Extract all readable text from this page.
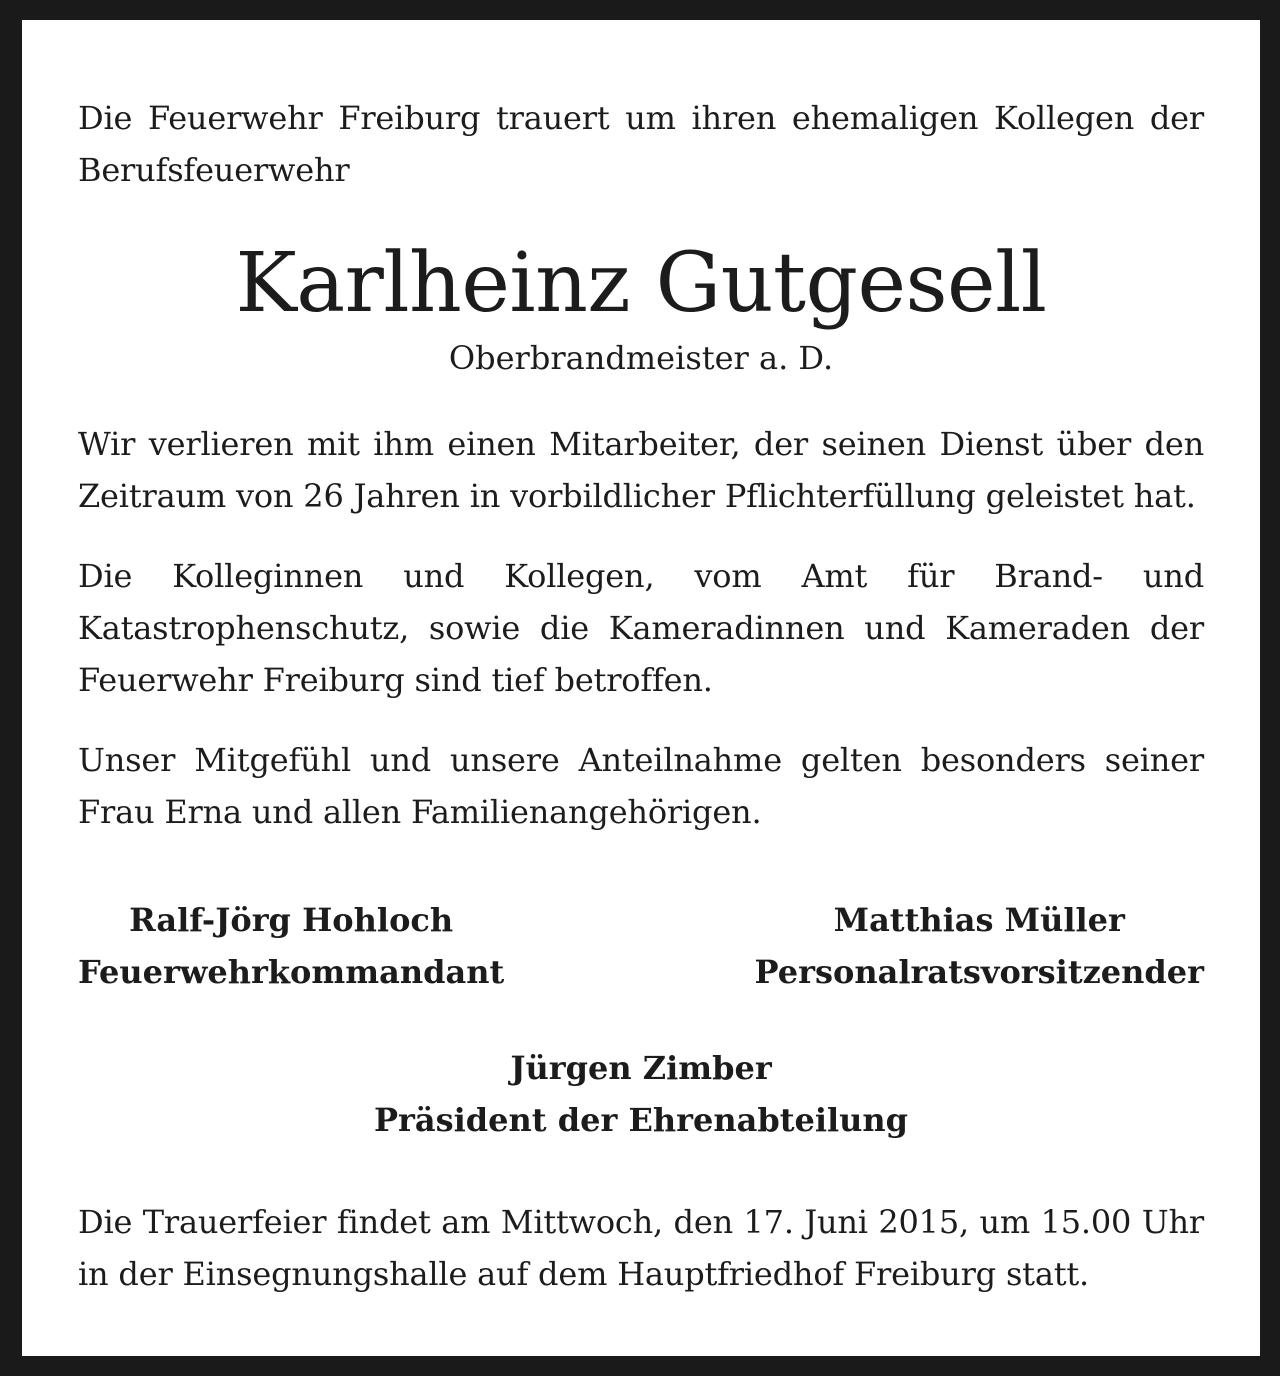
Die Feuerwehr Freiburg trauert um ihren ehemaligen Kollegen der Berufsfeuerwehr

Karlheinz Gutgesell
Oberbrandmeister a. D.

Wir verlieren mit ihm einen Mitarbeiter, der seinen Dienst über den Zeitraum von 26 Jahren in vorbildlicher Pflichterfüllung geleistet hat.

Die Kolleginnen und Kollegen, vom Amt für Brand- und Katastrophenschutz, sowie die Kameradinnen und Kameraden der Feuerwehr Freiburg sind tief betroffen.

Unser Mitgefühl und unsere Anteilnahme gelten besonders seiner Frau Erna und allen Familienangehörigen.

Ralf-Jörg Hohloch
Feuerwehrkommandant
Matthias Müller
Personalratsvorsitzender
Jürgen Zimber
Präsident der Ehrenabteilung

Die Trauerfeier findet am Mittwoch, den 17. Juni 2015, um 15.00 Uhr in der Einsegnungshalle auf dem Hauptfriedhof Freiburg statt.
